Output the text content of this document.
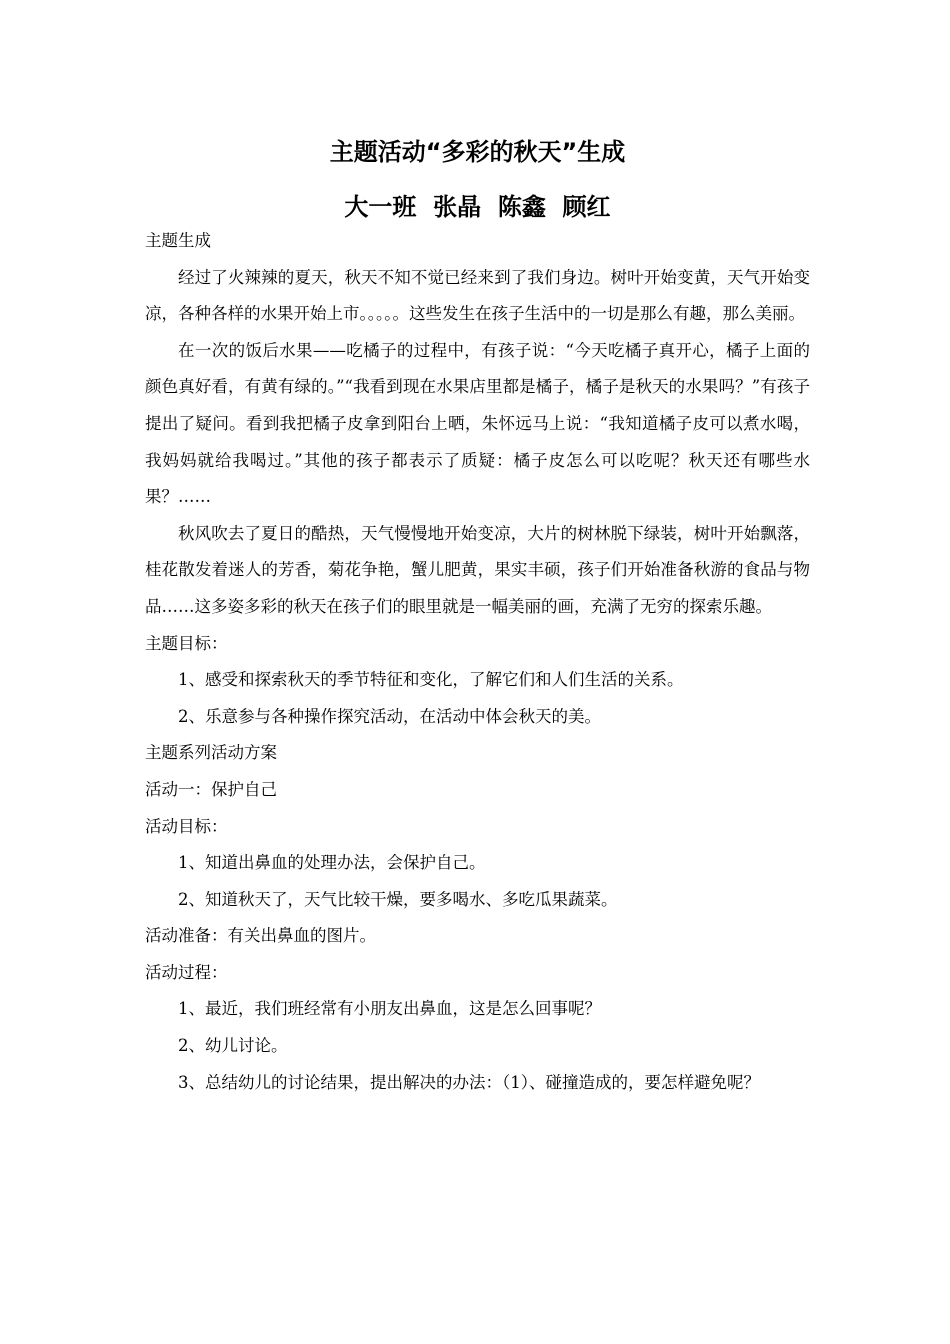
主题活动“多彩的秋天”生成
大一班  张晶  陈鑫  顾红

主题生成

经过了火辣辣的夏天，秋天不知不觉已经来到了我们身边。树叶开始变黄，天气开始变凉，各种各样的水果开始上市。。。。。这些发生在孩子生活中的一切是那么有趣，那么美丽。

在一次的饭后水果——吃橘子的过程中，有孩子说：“今天吃橘子真开心，橘子上面的颜色真好看，有黄有绿的。”“我看到现在水果店里都是橘子，橘子是秋天的水果吗？”有孩子提出了疑问。看到我把橘子皮拿到阳台上晒，朱怀远马上说：“我知道橘子皮可以煮水喝，我妈妈就给我喝过。”其他的孩子都表示了质疑：橘子皮怎么可以吃呢？秋天还有哪些水果？……

秋风吹去了夏日的酷热，天气慢慢地开始变凉，大片的树林脱下绿装，树叶开始飘落，桂花散发着迷人的芳香，菊花争艳，蟹儿肥黄，果实丰硕，孩子们开始准备秋游的食品与物品……这多姿多彩的秋天在孩子们的眼里就是一幅美丽的画，充满了无穷的探索乐趣。

主题目标：

1、感受和探索秋天的季节特征和变化，了解它们和人们生活的关系。

2、乐意参与各种操作探究活动，在活动中体会秋天的美。

主题系列活动方案

活动一：保护自己

活动目标：

1、知道出鼻血的处理办法，会保护自己。

2、知道秋天了，天气比较干燥，要多喝水、多吃瓜果蔬菜。

活动准备：有关出鼻血的图片。

活动过程：

1、最近，我们班经常有小朋友出鼻血，这是怎么回事呢？

2、幼儿讨论。

3、总结幼儿的讨论结果，提出解决的办法：（1）、碰撞造成的，要怎样避免呢？
